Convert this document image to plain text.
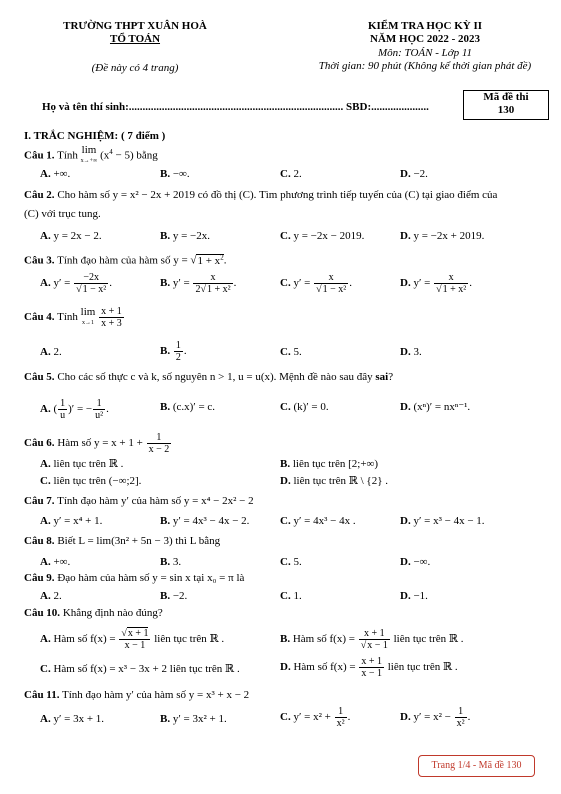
TRƯỜNG THPT XUÂN HOÀ
TỔ TOÁN
(Đề này có 4 trang)
KIỂM TRA HỌC KỲ II
NĂM HỌC 2022 - 2023
Môn: TOÁN - Lớp 11
Thời gian: 90 phút (Không kể thời gian phát đề)
Họ và tên thí sinh:.............................................................................. SBD:.....................
Mã đề thi
130
I. TRẮC NGHIỆM: ( 7 điểm )
Câu 1. Tính lim
x→+∞ $(x^4 - 5)$ bằng
A. +∞.	B. −∞.	C. 2.	D. −2.
Câu 2. Cho hàm số y = x² − 2x + 2019 có đồ thị (C). Tìm phương trình tiếp tuyến của (C) tại giao điểm của
(C) với trục tung.
A. y = 2x − 2.	B. y = −2x.	C. y = −2x − 2019.	D. y = −2x + 2019.
Câu 3. Tính đạo hàm của hàm số $y = √1 + x^2$.
A. $y' = \frac{-2x}{\text{√1 − x²}}$ .	B. $y' = \frac{x}{\text{2√1 + x²}}$ .	C. $y' = \frac{x}{\text{√1 − x²}}$ .	D. $y' = \frac{x}{\text{√1 + x²}}$ .
Câu 4. Tính lim
$x\to 1 \frac{x + 1}{x + 3}$
A. 2.	B. $\frac{1}{2}$ .	C. 5.	D. 3.
Câu 5. Cho các số thực c và k, số nguyên n > 1, u = u(x). Mệnh đề nào sau đây sai?
A. ( $\frac{1}{u}$ )′ = − $\frac{1}{\text{u²}}$ .	B. (c.x)′ = c.	C. (k)′ = 0.	D. (xⁿ)′ = nxⁿ⁻¹.
Câu 6. Hàm số $y = x + 1 + \frac{1}{x - 2}$
A. liên tục trên ℝ .	B. liên tục trên [2;+∞)
C. liên tục trên (−∞;2].	D. liên tục trên ℝ \ {2} .
Câu 7. Tính đạo hàm y′ của hàm số y = x⁴ − 2x² − 2
A. y′ = x⁴ + 1.	B. y′ = 4x³ − 4x − 2.	C. y′ = 4x³ − 4x .	D. y′ = x³ − 4x − 1.
Câu 8. Biết L = lim(3n² + 5n − 3) thì L bằng
A. +∞.	B. 3.	C. 5.	D. −∞.
Câu 9. Đạo hàm của hàm số y = sin x tại x₀ = π là
A. 2.	B. −2.	C. 1.	D. −1.
Câu 10. Khẳng định nào đúng?
A. Hàm số $f(x) = \frac{√x + 1}{x - 1}$ liên tục trên ℝ .	B. Hàm số $f(x) = \frac{x + 1}{√x - 1}$ liên tục trên ℝ .
C. Hàm số f(x) = x³ − 3x + 2 liên tục trên ℝ .	D. Hàm số $f(x) = \frac{x + 1}{x - 1}$ liên tục trên ℝ .
Câu 11. Tính đạo hàm y′ của hàm số y = x³ + x − 2
A. y′ = 3x + 1.	B. y′ = 3x² + 1.	C. $y' = x^2 + \frac{1}{\text{x²}}$ .	D. $y' = x^2 - \frac{1}{\text{x²}}$ .
Trang 1/4 - Mã đề 130
